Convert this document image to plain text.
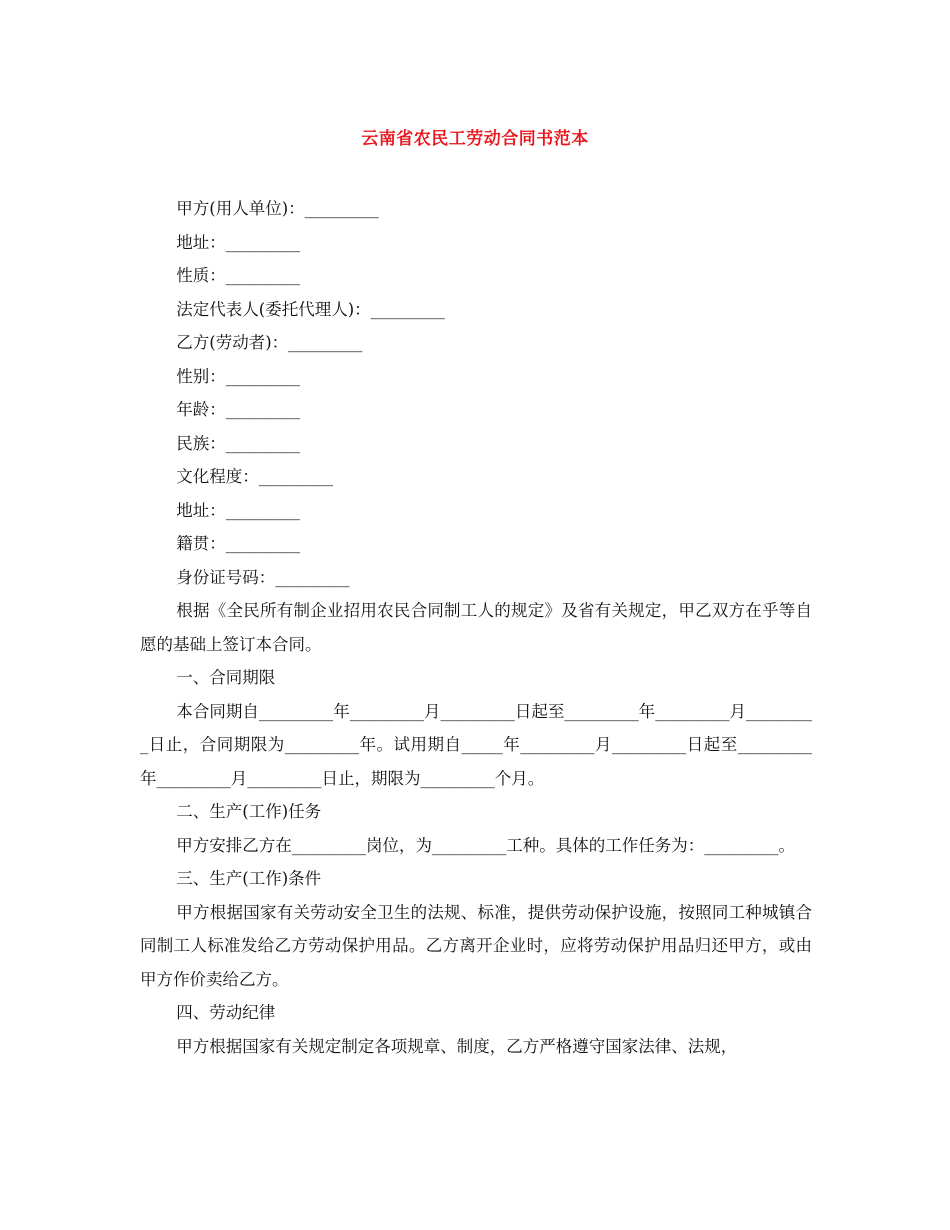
云南省农民工劳动合同书范本

甲方(用人单位)：_________

地址：_________

性质：_________

法定代表人(委托代理人)：_________

乙方(劳动者)：_________

性别：_________

年龄：_________

民族：_________

文化程度：_________

地址：_________

籍贯：_________

身份证号码：_________

根据《全民所有制企业招用农民合同制工人的规定》及省有关规定，甲乙双方在乎等自愿的基础上签订本合同。

一、合同期限

本合同期自_________年_________月_________日起至_________年_________月_________日止，合同期限为_________年。试用期自_____年_________月_________日起至_________年_________月_________日止，期限为_________个月。

二、生产(工作)任务

甲方安排乙方在_________岗位，为_________工种。具体的工作任务为：_________。

三、生产(工作)条件

甲方根据国家有关劳动安全卫生的法规、标准，提供劳动保护设施，按照同工种城镇合同制工人标准发给乙方劳动保护用品。乙方离开企业时，应将劳动保护用品归还甲方，或由甲方作价卖给乙方。

四、劳动纪律

甲方根据国家有关规定制定各项规章、制度，乙方严格遵守国家法律、法规，
